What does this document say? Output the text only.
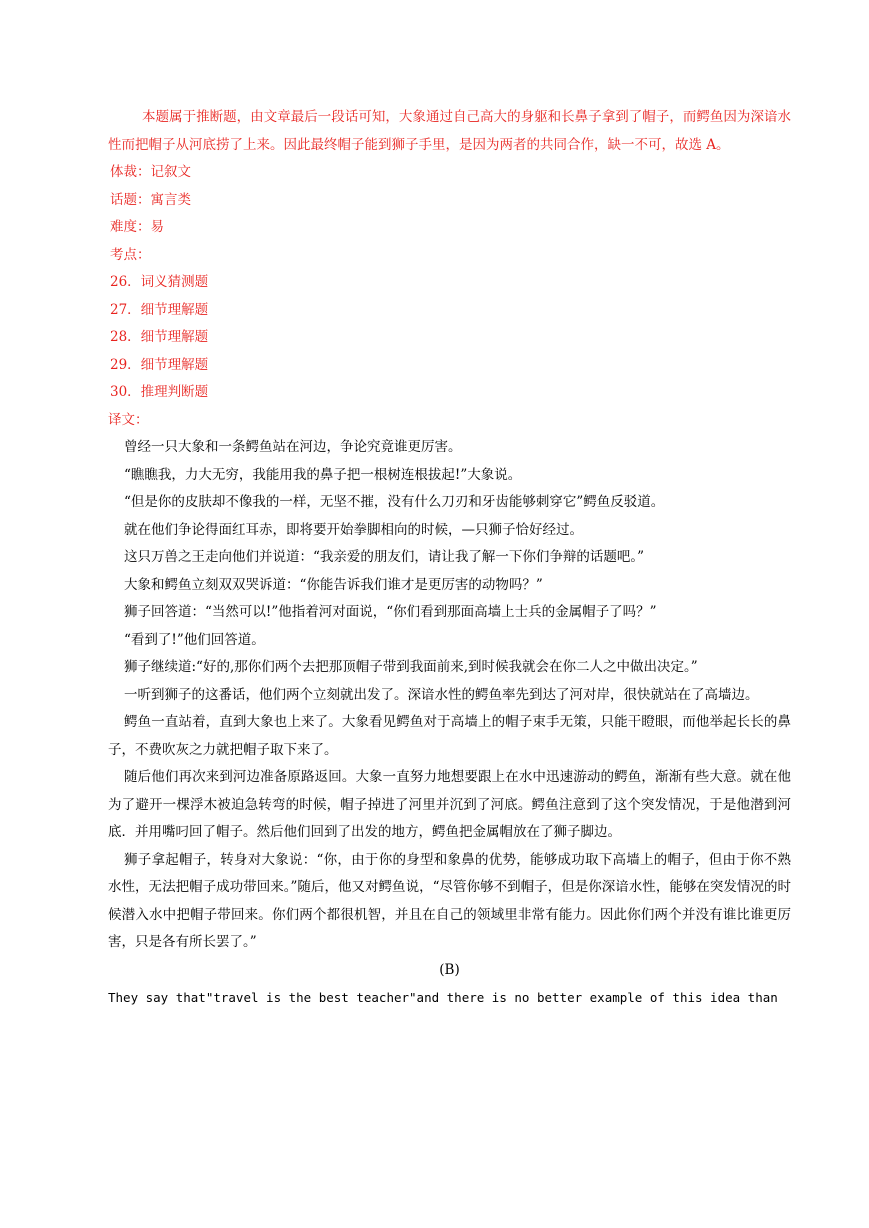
本题属于推断题，由文章最后一段话可知，大象通过自己高大的身躯和长鼻子拿到了帽子，而鳄鱼因为深谙水性而把帽子从河底捞了上来。因此最终帽子能到狮子手里，是因为两者的共同合作，缺一不可，故选 A。

体裁：记叙文

话题：寓言类

难度：易

考点：

26．词义猜测题

27．细节理解题

28．细节理解题

29．细节理解题

30．推理判断题

译文：

曾经一只大象和一条鳄鱼站在河边，争论究竟谁更厉害。

“瞧瞧我，力大无穷，我能用我的鼻子把一根树连根拔起!”大象说。

“但是你的皮肤却不像我的一样，无坚不摧，没有什么刀刃和牙齿能够刺穿它”鳄鱼反驳道。

就在他们争论得面红耳赤，即将要开始拳脚相向的时候，—只狮子恰好经过。

这只万兽之王走向他们并说道：“我亲爱的朋友们，请让我了解一下你们争辩的话题吧。”

大象和鳄鱼立刻双双哭诉道：“你能告诉我们谁才是更厉害的动物吗？”

狮子回答道：“当然可以!”他指着河对面说，“你们看到那面高墙上士兵的金属帽子了吗？”

“看到了!”他们回答道。

狮子继续道:“好的,那你们两个去把那顶帽子带到我面前来,到时候我就会在你二人之中做出决定。”

一听到狮子的这番话，他们两个立刻就出发了。深谙水性的鳄鱼率先到达了河对岸，很快就站在了高墙边。

鳄鱼一直站着，直到大象也上来了。大象看见鳄鱼对于高墙上的帽子束手无策，只能干瞪眼，而他举起长长的鼻子，不费吹灰之力就把帽子取下来了。

随后他们再次来到河边准备原路返回。大象一直努力地想要跟上在水中迅速游动的鳄鱼，渐渐有些大意。就在他为了避开一棵浮木被迫急转弯的时候，帽子掉进了河里并沉到了河底。鳄鱼注意到了这个突发情况，于是他潜到河底．并用嘴叼回了帽子。然后他们回到了出发的地方，鳄鱼把金属帽放在了狮子脚边。

狮子拿起帽子，转身对大象说：“你，由于你的身型和象鼻的优势，能够成功取下高墙上的帽子，但由于你不熟水性，无法把帽子成功带回来。”随后，他又对鳄鱼说，“尽管你够不到帽子，但是你深谙水性，能够在突发情况的时候潜入水中把帽子带回来。你们两个都很机智，并且在自己的领域里非常有能力。因此你们两个并没有谁比谁更厉害，只是各有所长罢了。”

(B)

They say that"travel is the best teacher"and there is no better example of this idea than
